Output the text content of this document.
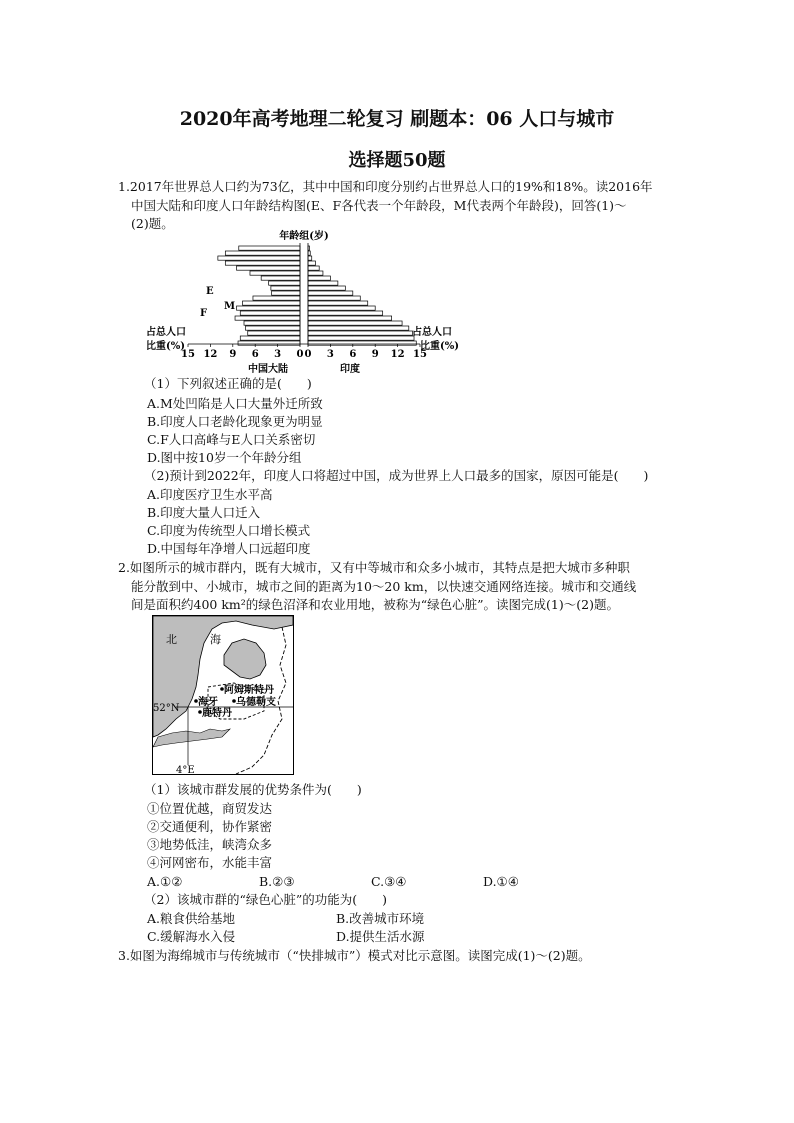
2020年高考地理二轮复习 刷题本：06 人口与城市
选择题50题
1.2017年世界总人口约为73亿，其中中国和印度分别约占世界总人口的19%和18%。读2016年
中国大陆和印度人口年龄结构图(E、F各代表一个年龄段，M代表两个年龄段)，回答(1)～
(2)题。
年龄组(岁)
15 12 9 6 3 0 0 3 6 9 12 15
E
M
F
占总人口
比重(%)
占总人口
比重(%)
中国大陆	印度
（1）下列叙述正确的是(　　)
A.M处凹陷是人口大量外迁所致
B.印度人口老龄化现象更为明显
C.F人口高峰与E人口关系密切
D.图中按10岁一个年龄分组
（2)预计到2022年，印度人口将超过中国，成为世界上人口最多的国家，原因可能是(　　)
A.印度医疗卫生水平高
B.印度大量人口迁入
C.印度为传统型人口增长模式
D.中国每年净增人口远超印度
2.如图所示的城市群内，既有大城市，又有中等城市和众多小城市，其特点是把大城市多种职
能分散到中、小城市，城市之间的距离为10～20 km，以快速交通网络连接。城市和交通线
间是面积约400 km²的绿色沼泽和农业用地，被称为“绿色心脏”。读图完成(1)～(2)题。
北	海
52°N
4°E
阿姆斯特丹
海牙 乌德勒支
鹿特丹
（1）该城市群发展的优势条件为(　　)
①位置优越，商贸发达
②交通便利，协作紧密
③地势低洼，峡湾众多
④河网密布，水能丰富
A.①②	B.②③	C.③④	D.①④
（2）该城市群的“绿色心脏”的功能为(　　)
A.粮食供给基地	B.改善城市环境
C.缓解海水入侵	D.提供生活水源
3.如图为海绵城市与传统城市（“快排城市”）模式对比示意图。读图完成(1)～(2)题。
